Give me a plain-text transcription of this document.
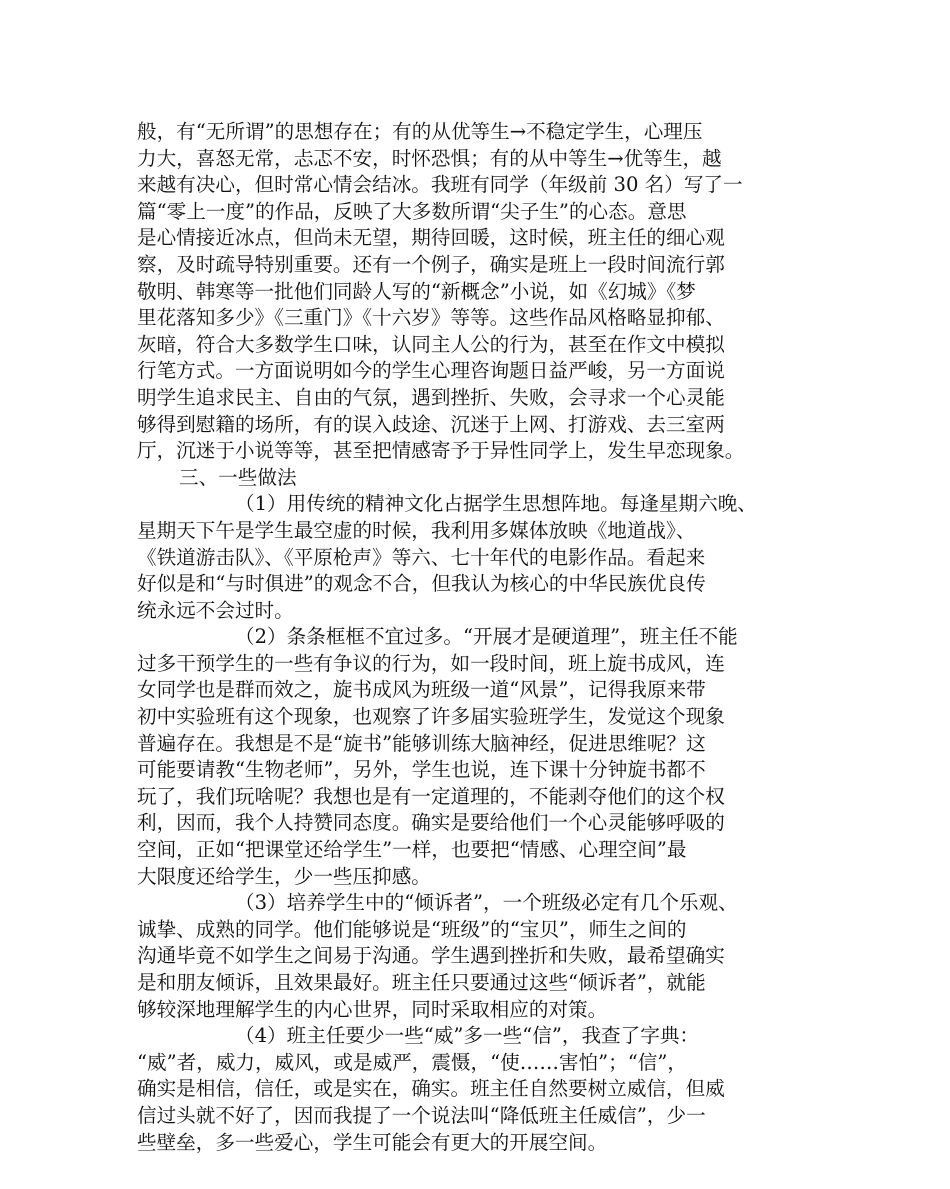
般，有“无所谓”的思想存在；有的从优等生→不稳定学生，心理压
力大，喜怒无常，忐忑不安，时怀恐惧；有的从中等生→优等生，越
来越有决心，但时常心情会结冰。我班有同学（年级前 30 名）写了一
篇“零上一度”的作品，反映了大多数所谓“尖子生”的心态。意思
是心情接近冰点，但尚未无望，期待回暖，这时候，班主任的细心观
察，及时疏导特别重要。还有一个例子，确实是班上一段时间流行郭
敬明、韩寒等一批他们同龄人写的“新概念”小说，如《幻城》《梦
里花落知多少》《三重门》《十六岁》等等。这些作品风格略显抑郁、
灰暗，符合大多数学生口味，认同主人公的行为，甚至在作文中模拟
行笔方式。一方面说明如今的学生心理咨询题日益严峻，另一方面说
明学生追求民主、自由的气氛，遇到挫折、失败，会寻求一个心灵能
够得到慰籍的场所，有的误入歧途、沉迷于上网、打游戏、去三室两
厅，沉迷于小说等等，甚至把情感寄予于异性同学上，发生早恋现象。
三、一些做法
（1）用传统的精神文化占据学生思想阵地。每逢星期六晚、
星期天下午是学生最空虚的时候，我利用多媒体放映《地道战》、
《铁道游击队》、《平原枪声》等六、七十年代的电影作品。看起来
好似是和“与时俱进”的观念不合，但我认为核心的中华民族优良传
统永远不会过时。
（2）条条框框不宜过多。“开展才是硬道理”，班主任不能
过多干预学生的一些有争议的行为，如一段时间，班上旋书成风，连
女同学也是群而效之，旋书成风为班级一道“风景”，记得我原来带
初中实验班有这个现象，也观察了许多届实验班学生，发觉这个现象
普遍存在。我想是不是“旋书”能够训练大脑神经，促进思维呢？这
可能要请教“生物老师”，另外，学生也说，连下课十分钟旋书都不
玩了，我们玩啥呢？我想也是有一定道理的，不能剥夺他们的这个权
利，因而，我个人持赞同态度。确实是要给他们一个心灵能够呼吸的
空间，正如“把课堂还给学生”一样，也要把“情感、心理空间”最
大限度还给学生，少一些压抑感。
（3）培养学生中的“倾诉者”，一个班级必定有几个乐观、
诚挚、成熟的同学。他们能够说是“班级”的“宝贝”，师生之间的
沟通毕竟不如学生之间易于沟通。学生遇到挫折和失败，最希望确实
是和朋友倾诉，且效果最好。班主任只要通过这些“倾诉者”，就能
够较深地理解学生的内心世界，同时采取相应的对策。
（4）班主任要少一些“威”多一些“信”，我查了字典：
“威”者，威力，威风，或是威严，震慑，“使……害怕”；“信”，
确实是相信，信任，或是实在，确实。班主任自然要树立威信，但威
信过头就不好了，因而我提了一个说法叫“降低班主任威信”，少一
些壁垒，多一些爱心，学生可能会有更大的开展空间。
